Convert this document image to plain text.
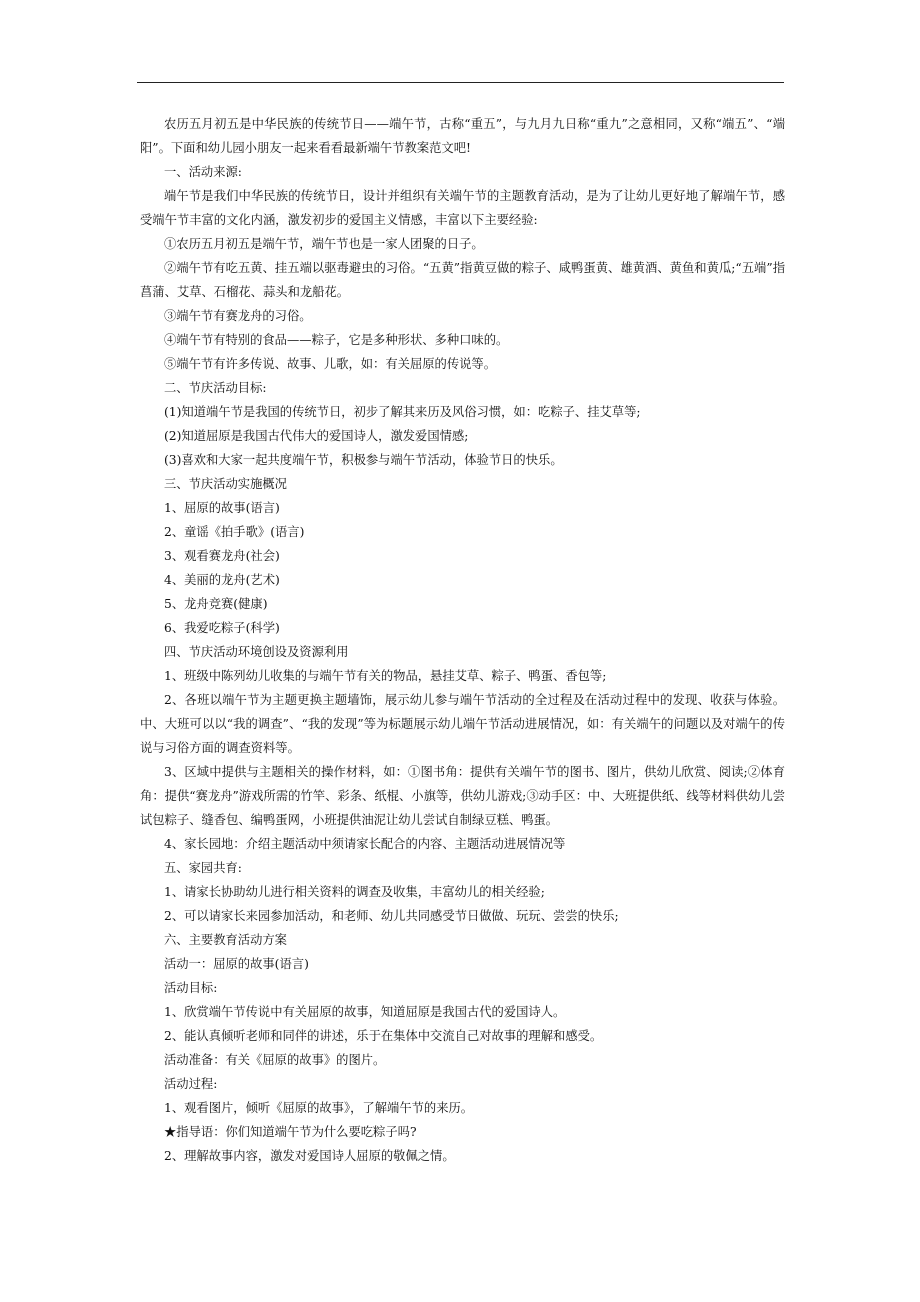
农历五月初五是中华民族的传统节日——端午节，古称“重五”，与九月九日称“重九”之意相同，又称“端五”、“端阳”。下面和幼儿园小朋友一起来看看最新端午节教案范文吧!

一、活动来源:

端午节是我们中华民族的传统节日，设计并组织有关端午节的主题教育活动，是为了让幼儿更好地了解端午节，感受端午节丰富的文化内涵，激发初步的爱国主义情感，丰富以下主要经验:

①农历五月初五是端午节，端午节也是一家人团聚的日子。

②端午节有吃五黄、挂五端以驱毒避虫的习俗。“五黄”指黄豆做的粽子、咸鸭蛋黄、雄黄酒、黄鱼和黄瓜;“五端”指菖蒲、艾草、石榴花、蒜头和龙船花。

③端午节有赛龙舟的习俗。

④端午节有特别的食品——粽子，它是多种形状、多种口味的。

⑤端午节有许多传说、故事、儿歌，如：有关屈原的传说等。

二、节庆活动目标:

(1)知道端午节是我国的传统节日，初步了解其来历及风俗习惯，如：吃粽子、挂艾草等;

(2)知道屈原是我国古代伟大的爱国诗人，激发爱国情感;

(3)喜欢和大家一起共度端午节，积极参与端午节活动，体验节日的快乐。

三、节庆活动实施概况

1、屈原的故事(语言)

2、童谣《拍手歌》(语言)

3、观看赛龙舟(社会)

4、美丽的龙舟(艺术)

5、龙舟竞赛(健康)

6、我爱吃粽子(科学)

四、节庆活动环境创设及资源利用

1、班级中陈列幼儿收集的与端午节有关的物品，悬挂艾草、粽子、鸭蛋、香包等;

2、各班以端午节为主题更换主题墙饰，展示幼儿参与端午节活动的全过程及在活动过程中的发现、收获与体验。中、大班可以以“我的调查”、“我的发现”等为标题展示幼儿端午节活动进展情况，如：有关端午的问题以及对端午的传说与习俗方面的调查资料等。

3、区域中提供与主题相关的操作材料，如：①图书角：提供有关端午节的图书、图片，供幼儿欣赏、阅读;②体育角：提供“赛龙舟”游戏所需的竹竿、彩条、纸棍、小旗等，供幼儿游戏;③动手区：中、大班提供纸、线等材料供幼儿尝试包粽子、缝香包、编鸭蛋网，小班提供油泥让幼儿尝试自制绿豆糕、鸭蛋。

4、家长园地：介绍主题活动中须请家长配合的内容、主题活动进展情况等

五、家园共育:

1、请家长协助幼儿进行相关资料的调查及收集，丰富幼儿的相关经验;

2、可以请家长来园参加活动，和老师、幼儿共同感受节日做做、玩玩、尝尝的快乐;

六、主要教育活动方案

活动一：屈原的故事(语言)

活动目标:

1、欣赏端午节传说中有关屈原的故事，知道屈原是我国古代的爱国诗人。

2、能认真倾听老师和同伴的讲述，乐于在集体中交流自己对故事的理解和感受。

活动准备：有关《屈原的故事》的图片。

活动过程:

1、观看图片，倾听《屈原的故事》，了解端午节的来历。

★指导语：你们知道端午节为什么要吃粽子吗?

2、理解故事内容，激发对爱国诗人屈原的敬佩之情。
